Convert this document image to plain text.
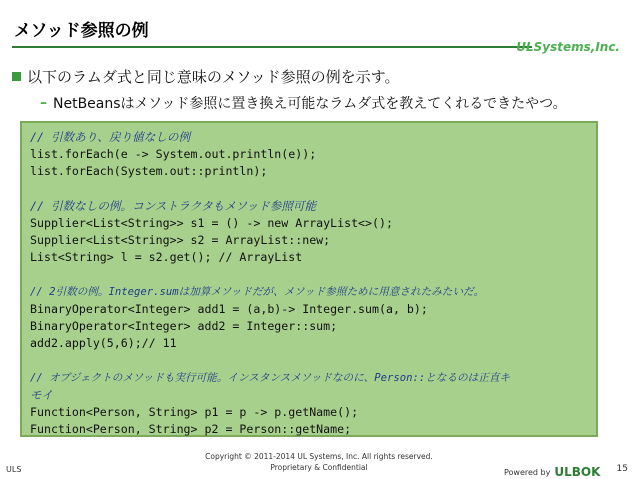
メソッド参照の例
ULSystems,Inc.
以下のラムダ式と同じ意味のメソッド参照の例を示す。
– NetBeansはメソッド参照に置き換え可能なラムダ式を教えてくれるできたやつ。
// 引数あり、戻り値なしの例
list.forEach(e -> System.out.println(e));
list.forEach(System.out::println);
// 引数なしの例。コンストラクタもメソッド参照可能
Supplier<List<String>> s1 = () -> new ArrayList<>();
Supplier<List<String>> s2 = ArrayList::new;
List<String> l = s2.get(); // ArrayList
// 2引数の例。Integer.sumは加算メソッドだが、メソッド参照ために用意されたみたいだ。
BinaryOperator<Integer> add1 = (a,b)-> Integer.sum(a, b);
BinaryOperator<Integer> add2 = Integer::sum;
add2.apply(5,6);// 11
// オブジェクトのメソッドも実行可能。インスタンスメソッドなのに、Person::となるのは正直キ
モイ
Function<Person, String> p1 = p -> p.getName();
Function<Person, String> p2 = Person::getName;
Copyright © 2011-2014 UL Systems, Inc. All rights reserved.
Proprietary & Confidential
ULS	Powered by ULBOK 15
